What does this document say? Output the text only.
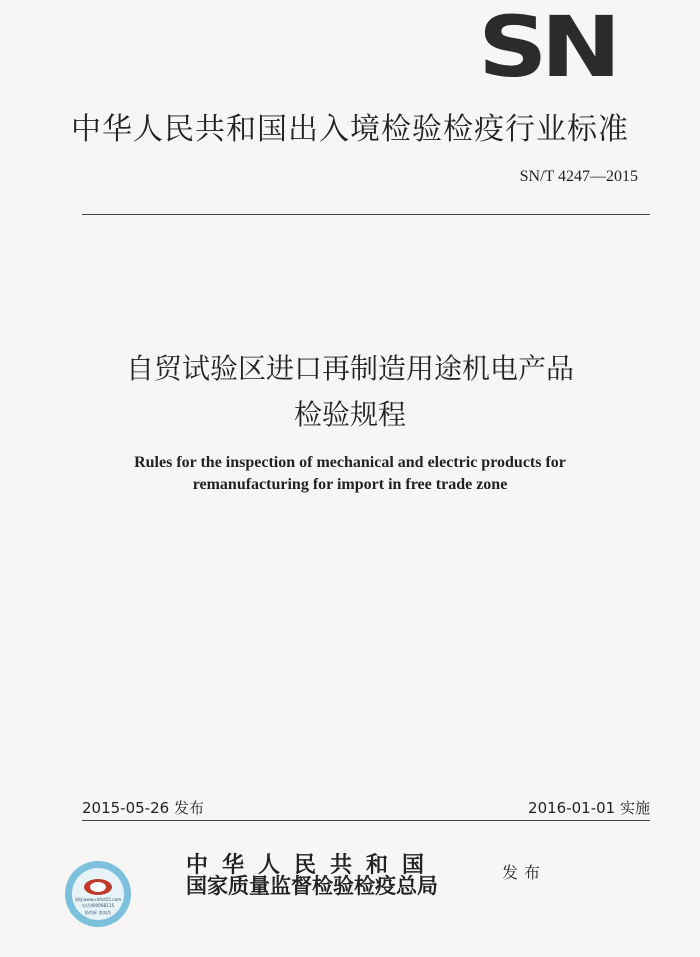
SN
中华人民共和国出入境检验检疫行业标准
SN/T 4247—2015
自贸试验区进口再制造用途机电产品
检验规程
Rules for the inspection of mechanical and electric products for
remanufacturing for import in free trade zone
2015-05-26 发布	2016-01-01 实施
中华人民共和国
国家质量监督检验检疫总局
发布
网址www.cnfsd15.com
电话400068115
防伪标 查真伪
